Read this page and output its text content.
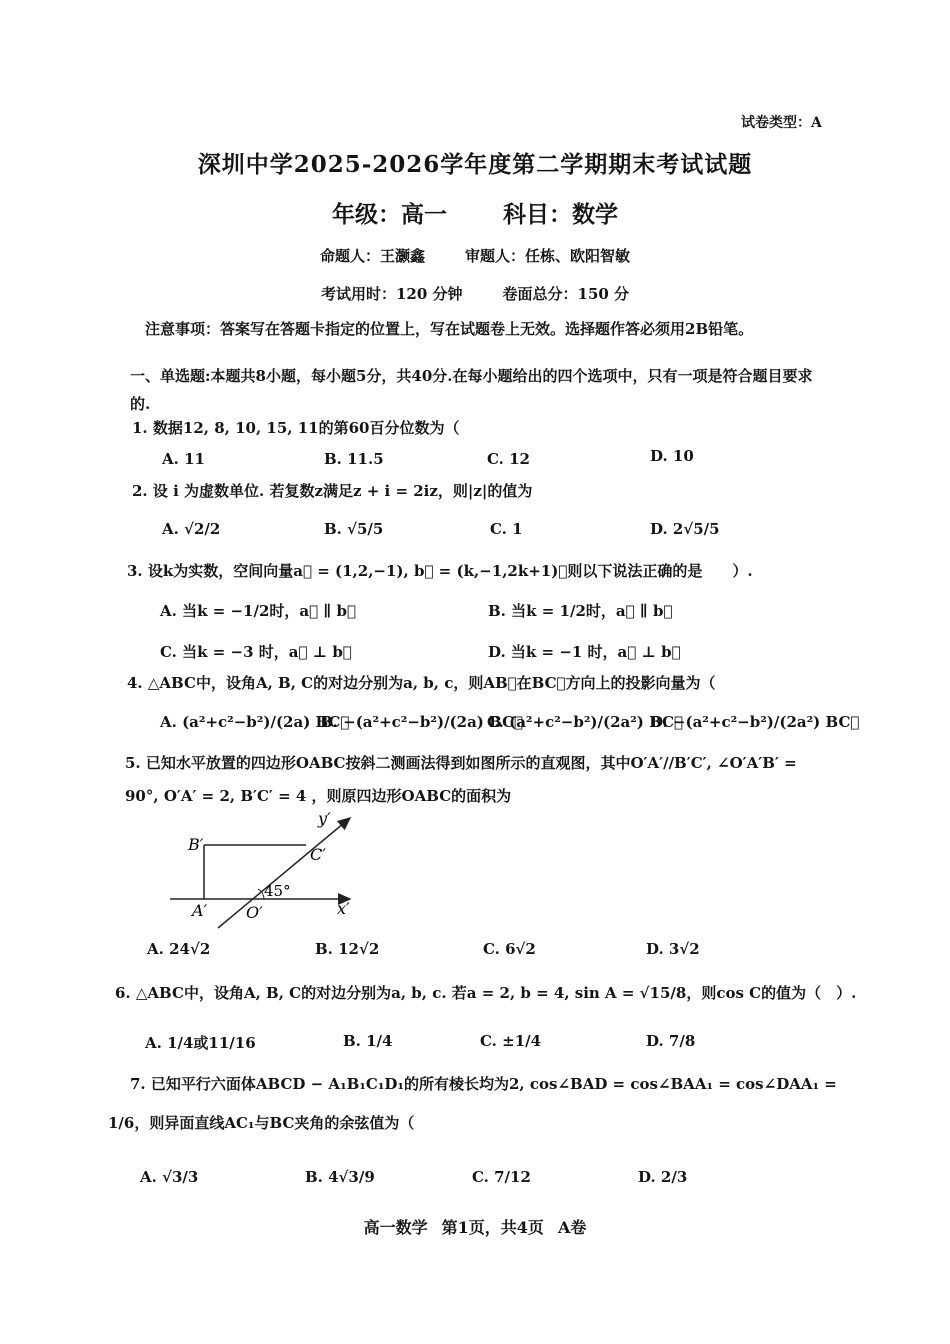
试卷类型：A
深圳中学2025-2026学年度第二学期期末考试试题
年级：高一 科目：数学
命题人：王灏鑫	审题人：任栋、欧阳智敏
考试用时：120 分钟	卷面总分：150 分
注意事项：答案写在答题卡指定的位置上，写在试题卷上无效。选择题作答必须用2B铅笔。
一、单选题:本题共8小题，每小题5分，共40分.在每小题给出的四个选项中，只有一项是符合题目要求的.
1. 数据12, 8, 10, 15, 11的第60百分位数为（
A. 11	B. 11.5	C. 12	D. 10
2. 设 i 为虚数单位. 若复数z满足z + i = 2iz，则|z|的值为
A. √2/2	B. √5/5	C. 1	D. 2√5/5
3. 设k为实数，空间向量a⃗ = (1,2,−1), b⃗ = (k,−1,2k+1)，则以下说法正确的是　　）.
A. 当k = −1/2时，a⃗ ∥ b⃗	B. 当k = 1/2时，a⃗ ∥ b⃗
C. 当k = −3 时，a⃗ ⊥ b⃗	D. 当k = −1 时，a⃗ ⊥ b⃗
4. △ABC中，设角A, B, C的对边分别为a, b, c，则AB⃗在BC⃗方向上的投影向量为（
A. (a²+c²−b²)/(2a) BC⃗
B. −(a²+c²−b²)/(2a) BC⃗
C. (a²+c²−b²)/(2a²) BC⃗
D. −(a²+c²−b²)/(2a²) BC⃗
5. 已知水平放置的四边形OABC按斜二测画法得到如图所示的直观图，其中O′A′//B′C′, ∠O′A′B′ =
90°, O′A′ = 2, B′C′ = 4 ，则原四边形OABC的面积为
B′
C′
A′ O′	x′
y′
45°
A. 24√2	B. 12√2	C. 6√2	D. 3√2
6. △ABC中，设角A, B, C的对边分别为a, b, c. 若a = 2, b = 4, sin A = √15/8，则cos C的值为（　）.
A. 1/4或11/16	B. 1/4	C. ±1/4	D. 7/8
7. 已知平行六面体ABCD − A₁B₁C₁D₁的所有棱长均为2, cos∠BAD = cos∠BAA₁ = cos∠DAA₁ =
1/6，则异面直线AC₁与BC夹角的余弦值为（
A. √3/3	B. 4√3/9	C. 7/12	D. 2/3
高一数学 第1页，共4页 A卷
